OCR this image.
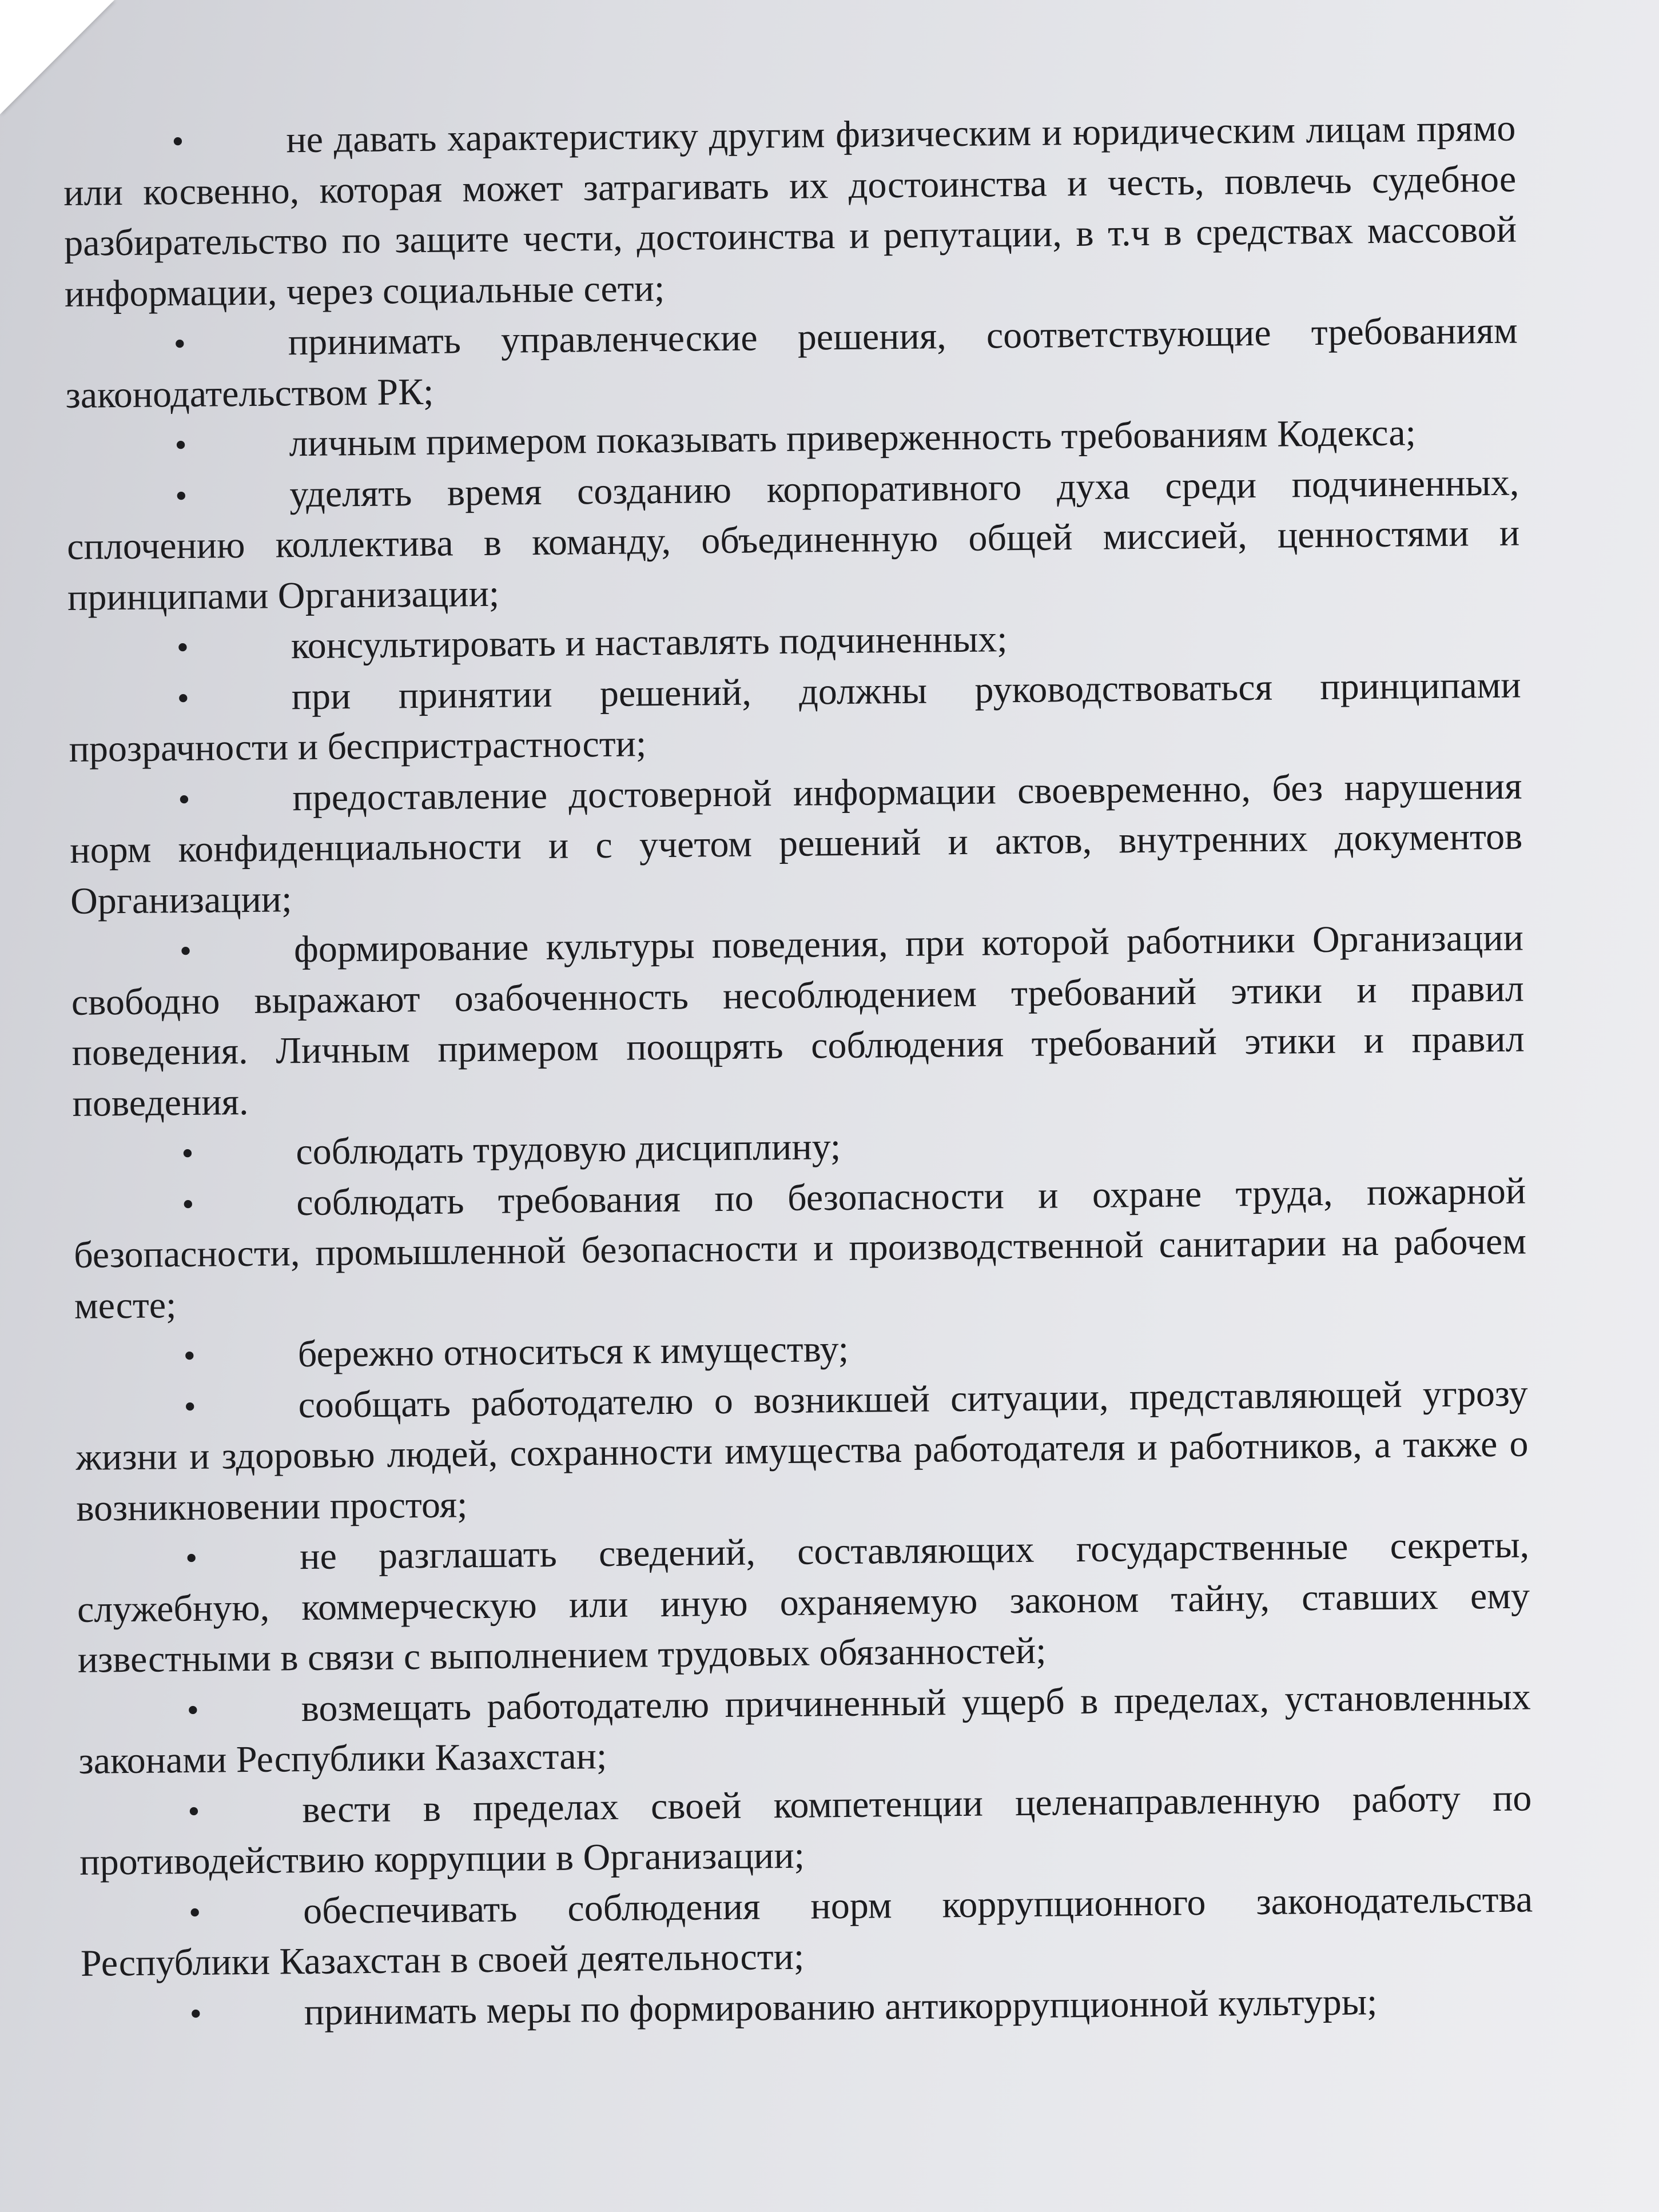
•	не давать характеристику другим физическим и юридическим лицам прямо или косвенно, которая может затрагивать их достоинства и честь, повлечь судебное разбирательство по защите чести, достоинства и репутации, в т.ч в средствах массовой информации, через социальные сети;

•	принимать управленческие решения, соответствующие требованиям законодательством РК;

•	личным примером показывать приверженность требованиям Кодекса;

•	уделять время созданию корпоративного духа среди подчиненных, сплочению коллектива в команду, объединенную общей миссией, ценностями и принципами Организации;

•	консультировать и наставлять подчиненных;

•	при принятии решений, должны руководствоваться принципами прозрачности и беспристрастности;

•	предоставление достоверной информации своевременно, без нарушения норм конфиденциальности и с учетом решений и актов, внутренних документов Организации;

•	формирование культуры поведения, при которой работники Организации свободно выражают озабоченность несоблюдением требований этики и правил поведения. Личным примером поощрять соблюдения требований этики и правил поведения.

•	соблюдать трудовую дисциплину;

•	соблюдать требования по безопасности и охране труда, пожарной безопасности, промышленной безопасности и производственной санитарии на рабочем месте;

•	бережно относиться к имуществу;

•	сообщать работодателю о возникшей ситуации, представляющей угрозу жизни и здоровью людей, сохранности имущества работодателя и работников, а также о возникновении простоя;

•	не разглашать сведений, составляющих государственные секреты, служебную, коммерческую или иную охраняемую законом тайну, ставших ему известными в связи с выполнением трудовых обязанностей;

•	возмещать работодателю причиненный ущерб в пределах, установленных законами Республики Казахстан;

•	вести в пределах своей компетенции целенаправленную работу по противодействию коррупции в Организации;

•	обеспечивать соблюдения норм коррупционного законодательства Республики Казахстан в своей деятельности;

•	принимать меры по формированию антикоррупционной культуры;
